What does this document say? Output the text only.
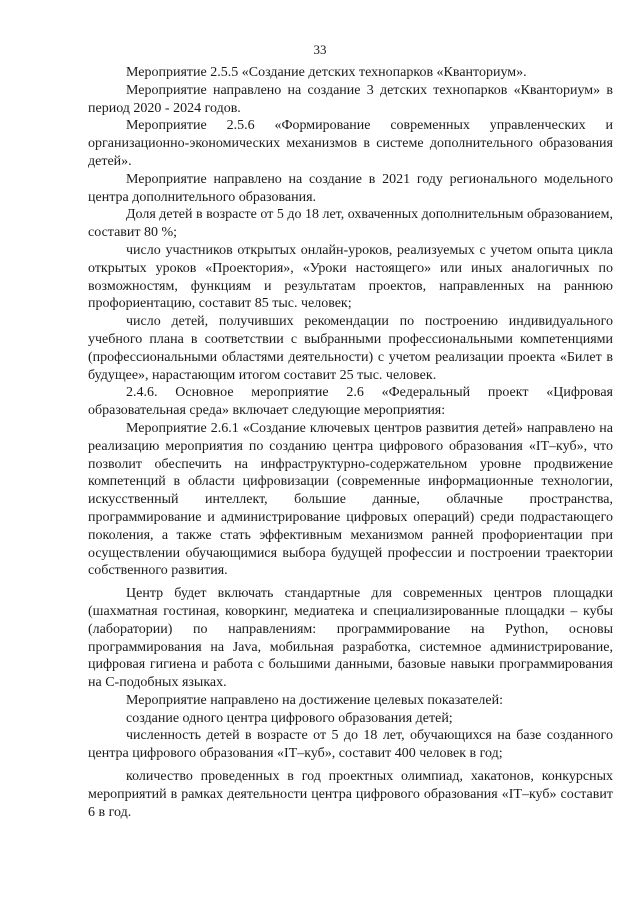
33

Мероприятие 2.5.5 «Создание детских технопарков «Кванториум».

Мероприятие направлено на создание 3 детских технопарков «Кванториум» в период 2020 - 2024 годов.

Мероприятие 2.5.6 «Формирование современных управленческих и организационно-экономических механизмов в системе дополнительного образования детей».

Мероприятие направлено на создание в 2021 году регионального модельного центра дополнительного образования.

Доля детей в возрасте от 5 до 18 лет, охваченных дополнительным образованием, составит 80 %;

число участников открытых онлайн-уроков, реализуемых с учетом опыта цикла открытых уроков «Проектория», «Уроки настоящего» или иных аналогичных по возможностям, функциям и результатам проектов, направленных на раннюю профориентацию, составит 85 тыс. человек;

число детей, получивших рекомендации по построению индивидуального учебного плана в соответствии с выбранными профессиональными компетенциями (профессиональными областями деятельности) с учетом реализации проекта «Билет в будущее», нарастающим итогом составит 25 тыс. человек.

2.4.6. Основное мероприятие 2.6 «Федеральный проект «Цифровая образовательная среда» включает следующие мероприятия:

Мероприятие 2.6.1 «Создание ключевых центров развития детей» направлено на реализацию мероприятия по созданию центра цифрового образования «IT–куб», что позволит обеспечить на инфраструктурно-содержательном уровне продвижение компетенций в области цифровизации (современные информационные технологии, искусственный интеллект, большие данные, облачные пространства, программирование и администрирование цифровых операций) среди подрастающего поколения, а также стать эффективным механизмом ранней профориентации при осуществлении обучающимися выбора будущей профессии и построении траектории собственного развития.

Центр будет включать стандартные для современных центров площадки (шахматная гостиная, коворкинг, медиатека и специализированные площадки – кубы (лаборатории) по направлениям: программирование на Python, основы программирования на Java, мобильная разработка, системное администрирование, цифровая гигиена и работа с большими данными, базовые навыки программирования на C-подобных языках.

Мероприятие направлено на достижение целевых показателей:

создание одного центра цифрового образования детей;

численность детей в возрасте от 5 до 18 лет, обучающихся на базе созданного центра цифрового образования «IT–куб», составит 400 человек в год;

количество проведенных в год проектных олимпиад, хакатонов, конкурсных мероприятий в рамках деятельности центра цифрового образования «IT–куб» составит 6 в год.
